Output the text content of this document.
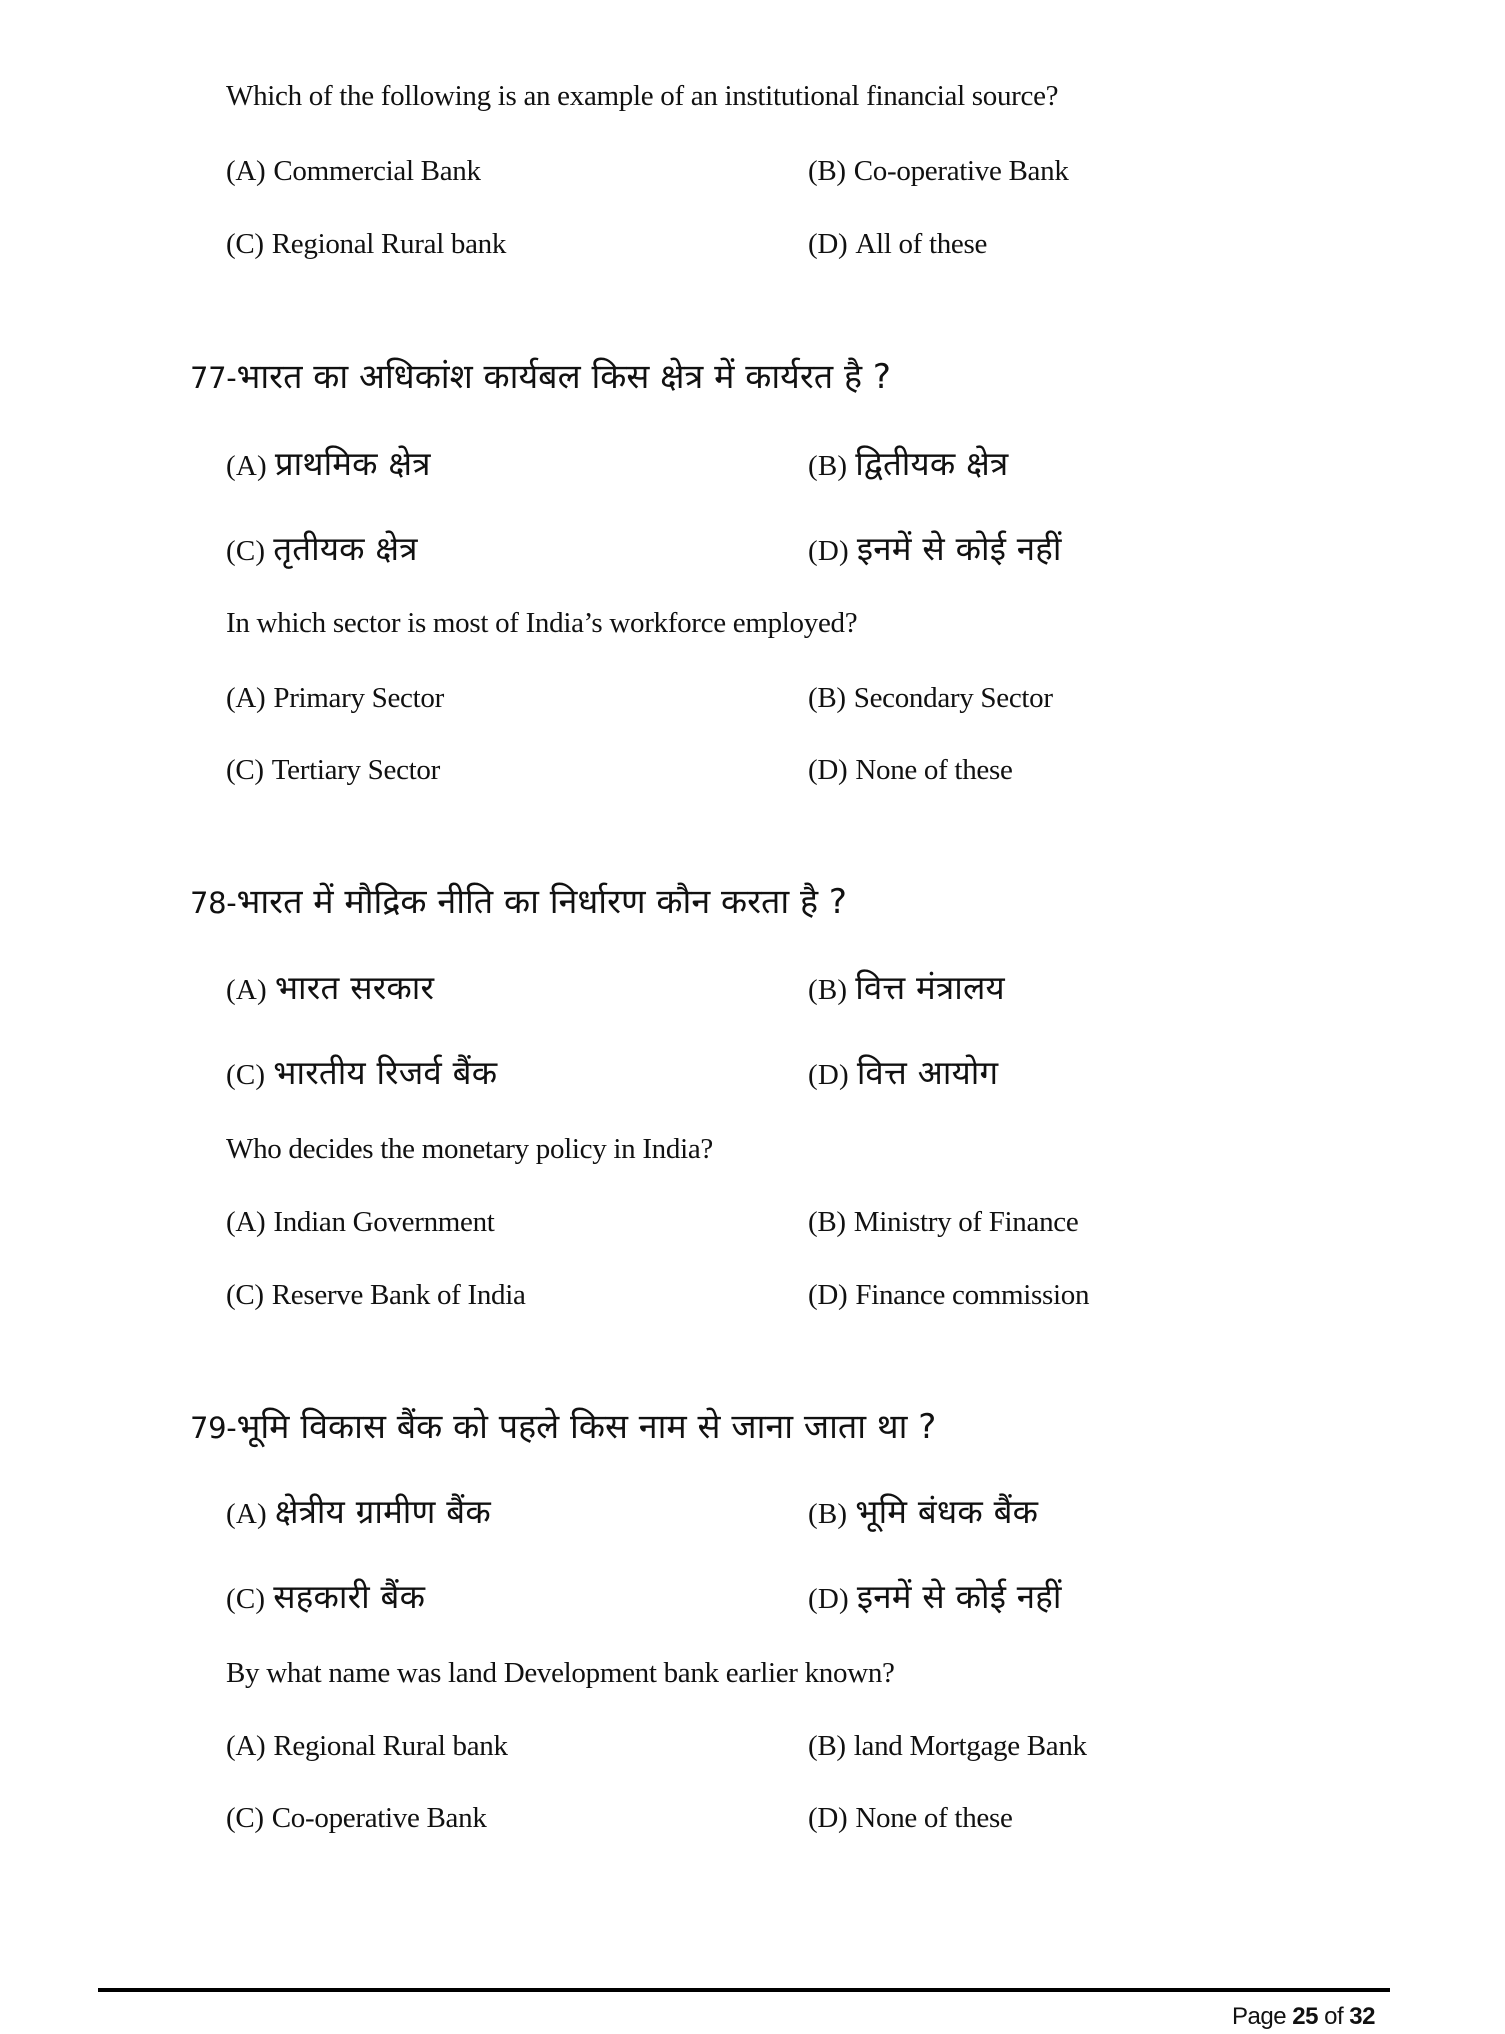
Which of the following is an example of an institutional financial source?
(A) Commercial Bank	(B) Co-operative Bank
(C) Regional Rural bank	(D) All of these
77-भारत का अधिकांश कार्यबल किस क्षेत्र में कार्यरत है ?
(A) प्राथमिक क्षेत्र	(B) द्वितीयक क्षेत्र
(C) तृतीयक क्षेत्र	(D) इनमें से कोई नहीं
In which sector is most of India’s workforce employed?
(A) Primary Sector	(B) Secondary Sector
(C) Tertiary Sector	(D) None of these
78-भारत में मौद्रिक नीति का निर्धारण कौन करता है ?
(A) भारत सरकार	(B) वित्त मंत्रालय
(C) भारतीय रिजर्व बैंक	(D) वित्त आयोग
Who decides the monetary policy in India?
(A) Indian Government	(B) Ministry of Finance
(C) Reserve Bank of India	(D) Finance commission
79-भूमि विकास बैंक को पहले किस नाम से जाना जाता था ?
(A) क्षेत्रीय ग्रामीण बैंक	(B) भूमि बंधक बैंक
(C) सहकारी बैंक	(D) इनमें से कोई नहीं
By what name was land Development bank earlier known?
(A) Regional Rural bank	(B) land Mortgage Bank
(C) Co-operative Bank	(D) None of these
Page 25 of 32
